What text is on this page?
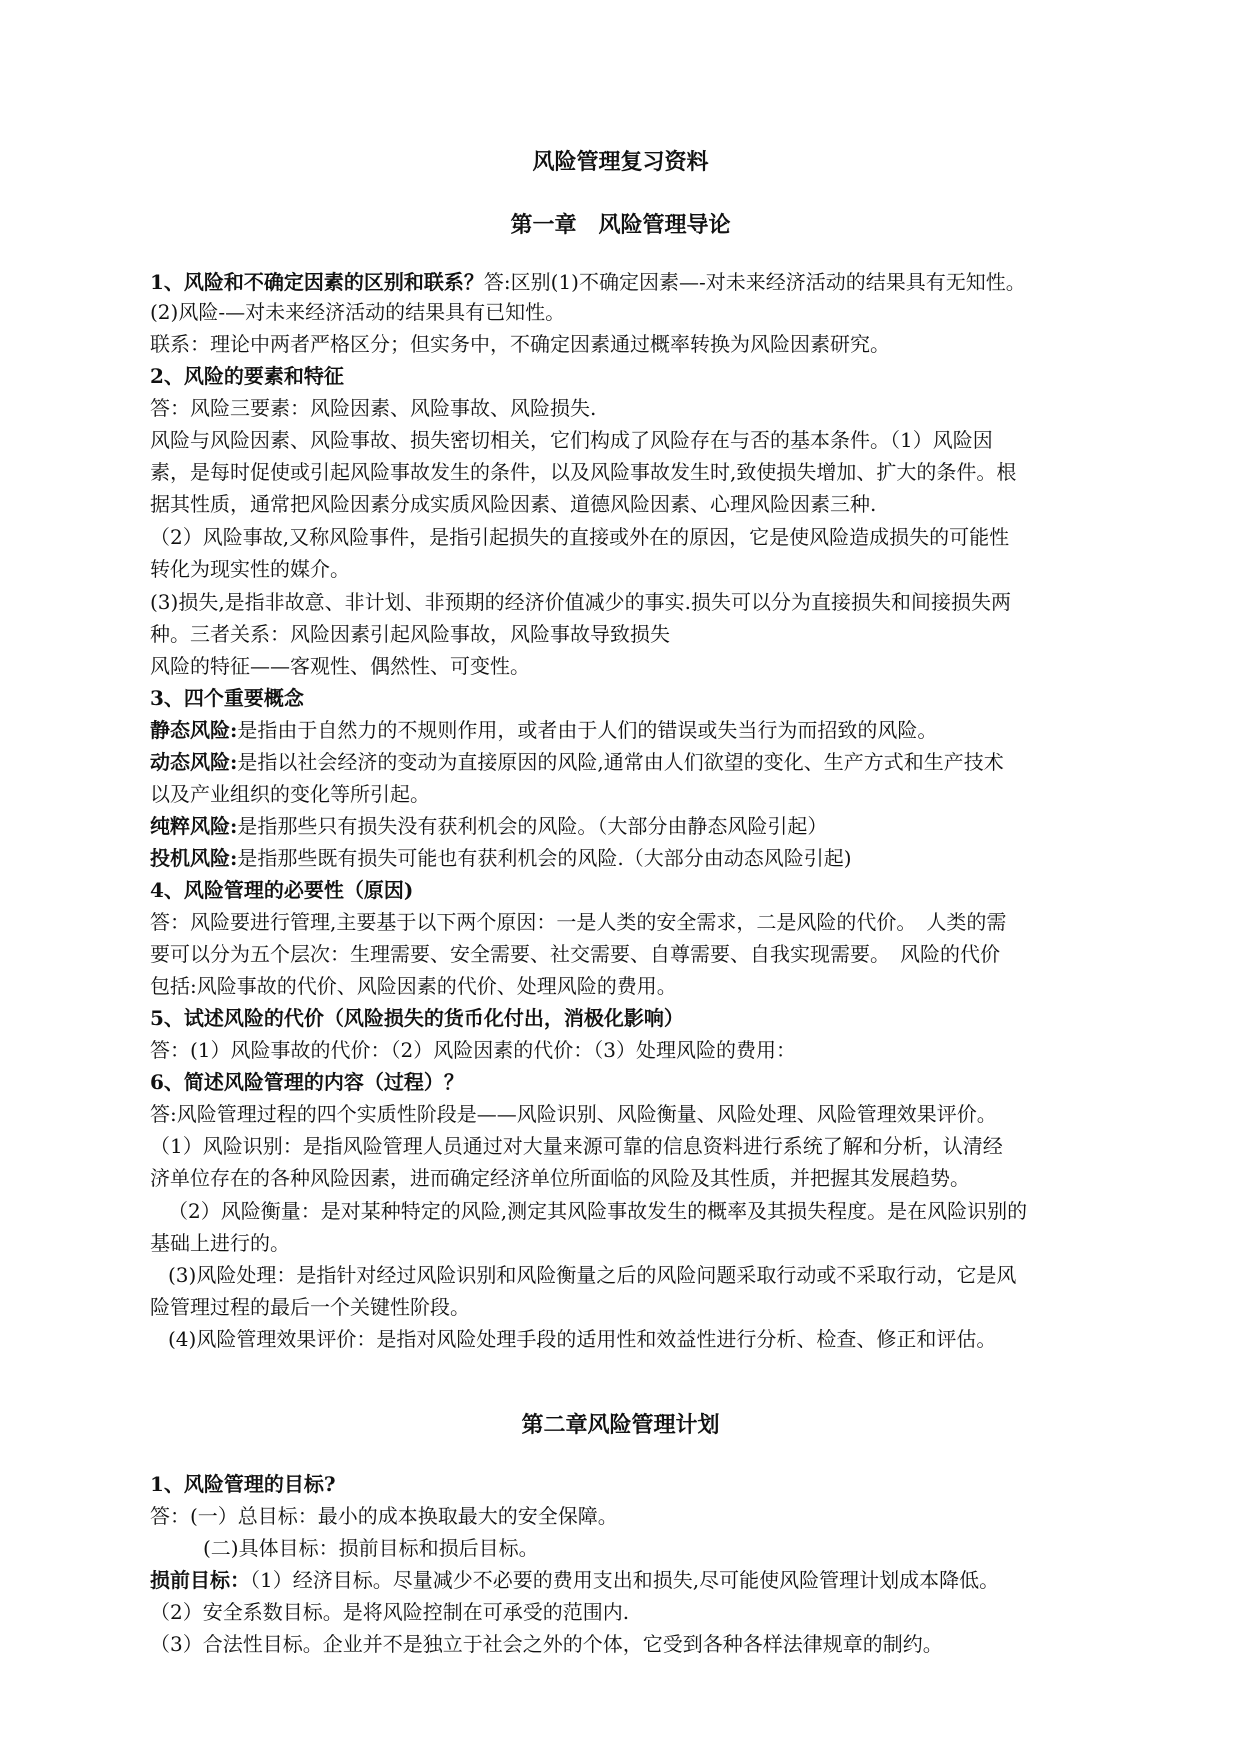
风险管理复习资料
第一章　风险管理导论
1、风险和不确定因素的区别和联系？答:区别(1)不确定因素—-对未来经济活动的结果具有无知性。
(2)风险-—对未来经济活动的结果具有已知性。
联系：理论中两者严格区分；但实务中，不确定因素通过概率转换为风险因素研究。
2、风险的要素和特征
答：风险三要素：风险因素、风险事故、风险损失.
风险与风险因素、风险事故、损失密切相关，它们构成了风险存在与否的基本条件。（1）风险因
素，是每时促使或引起风险事故发生的条件，以及风险事故发生时,致使损失增加、扩大的条件。根
据其性质，通常把风险因素分成实质风险因素、道德风险因素、心理风险因素三种.
（2）风险事故,又称风险事件，是指引起损失的直接或外在的原因，它是使风险造成损失的可能性
转化为现实性的媒介。
(3)损失,是指非故意、非计划、非预期的经济价值减少的事实.损失可以分为直接损失和间接损失两
种。三者关系：风险因素引起风险事故，风险事故导致损失
风险的特征——客观性、偶然性、可变性。
3、四个重要概念
静态风险:是指由于自然力的不规则作用，或者由于人们的错误或失当行为而招致的风险。
动态风险:是指以社会经济的变动为直接原因的风险,通常由人们欲望的变化、生产方式和生产技术
以及产业组织的变化等所引起。
纯粹风险:是指那些只有损失没有获利机会的风险。（大部分由静态风险引起）
投机风险:是指那些既有损失可能也有获利机会的风险.（大部分由动态风险引起)
4、风险管理的必要性（原因)
答：风险要进行管理,主要基于以下两个原因：一是人类的安全需求，二是风险的代价。　人类的需
要可以分为五个层次：生理需要、安全需要、社交需要、自尊需要、自我实现需要。　风险的代价
包括:风险事故的代价、风险因素的代价、处理风险的费用。
5、试述风险的代价（风险损失的货币化付出，消极化影响）
答：(1）风险事故的代价：（2）风险因素的代价：（3）处理风险的费用：
6、简述风险管理的内容（过程）？
答:风险管理过程的四个实质性阶段是——风险识别、风险衡量、风险处理、风险管理效果评价。
（1）风险识别：是指风险管理人员通过对大量来源可靠的信息资料进行系统了解和分析，认清经
济单位存在的各种风险因素，进而确定经济单位所面临的风险及其性质，并把握其发展趋势。
（2）风险衡量：是对某种特定的风险,测定其风险事故发生的概率及其损失程度。是在风险识别的
基础上进行的。
(3)风险处理：是指针对经过风险识别和风险衡量之后的风险问题采取行动或不采取行动，它是风
险管理过程的最后一个关键性阶段。
(4)风险管理效果评价：是指对风险处理手段的适用性和效益性进行分析、检查、修正和评估。
第二章风险管理计划
1、风险管理的目标?
答：(一）总目标：最小的成本换取最大的安全保障。
(二)具体目标：损前目标和损后目标。
损前目标：（1）经济目标。尽量减少不必要的费用支出和损失,尽可能使风险管理计划成本降低。
（2）安全系数目标。是将风险控制在可承受的范围内.
（3）合法性目标。企业并不是独立于社会之外的个体，它受到各种各样法律规章的制约。
